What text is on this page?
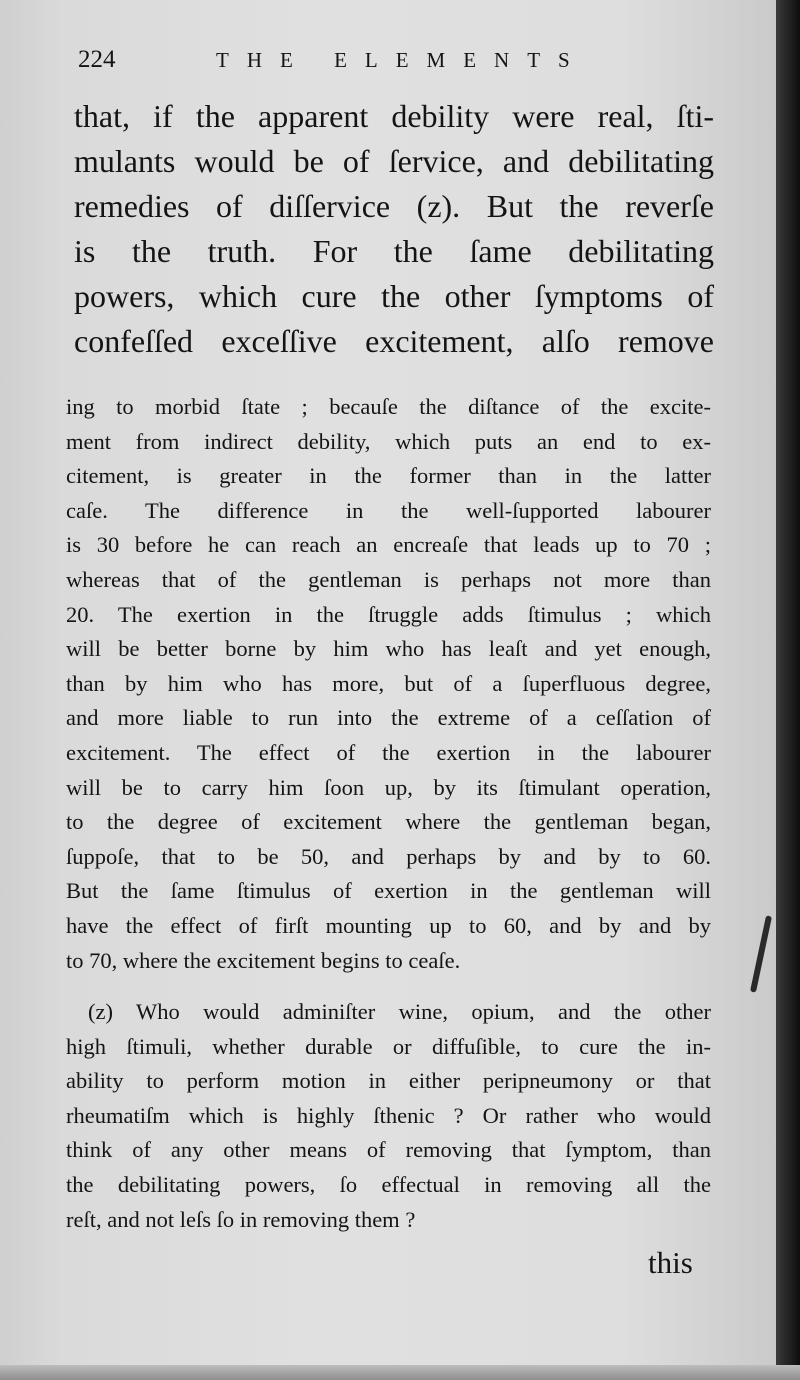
224	THE ELEMENTS
that, if the apparent debility were real, ſti-
mulants would be of ſervice, and debilitating
remedies of diſſervice (z). But the reverſe
is the truth. For the ſame debilitating
powers, which cure the other ſymptoms of
confeſſed exceſſive excitement, alſo remove
ing to morbid ſtate ; becauſe the diſtance of the excite-
ment from indirect debility, which puts an end to ex-
citement, is greater in the former than in the latter
caſe. The difference in the well-ſupported labourer
is 30 before he can reach an encreaſe that leads up to 70 ;
whereas that of the gentleman is perhaps not more than
20. The exertion in the ſtruggle adds ſtimulus ; which
will be better borne by him who has leaſt and yet enough,
than by him who has more, but of a ſuperfluous degree,
and more liable to run into the extreme of a ceſſation of
excitement. The effect of the exertion in the labourer
will be to carry him ſoon up, by its ſtimulant operation,
to the degree of excitement where the gentleman began,
ſuppoſe, that to be 50, and perhaps by and by to 60.
But the ſame ſtimulus of exertion in the gentleman will
have the effect of firſt mounting up to 60, and by and by
to 70, where the excitement begins to ceaſe.
(z) Who would adminiſter wine, opium, and the other
high ſtimuli, whether durable or diffuſible, to cure the in-
ability to perform motion in either peripneumony or that
rheumatiſm which is highly ſthenic ? Or rather who would
think of any other means of removing that ſymptom, than
the debilitating powers, ſo effectual in removing all the
reſt, and not leſs ſo in removing them ?
this
